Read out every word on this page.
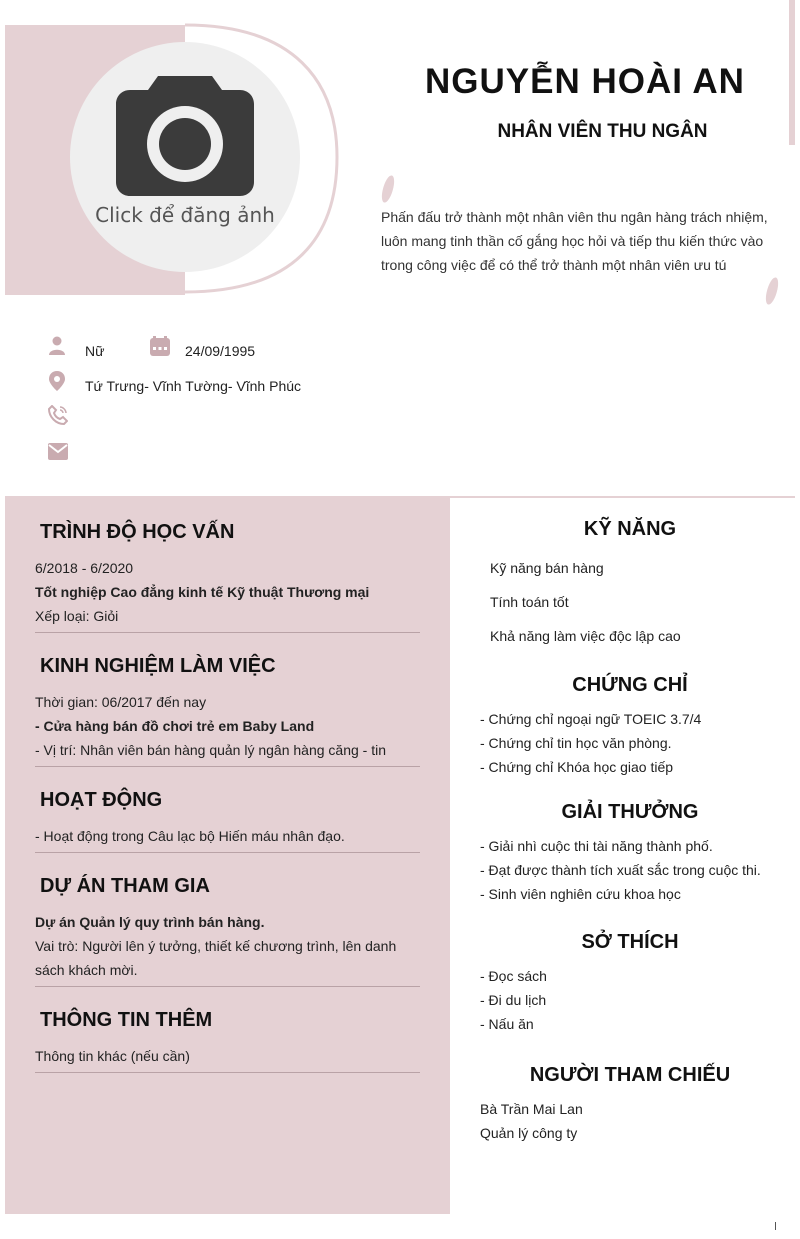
Click để đăng ảnh
NGUYỄN HOÀI AN
NHÂN VIÊN THU NGÂN
Phấn đấu trở thành một nhân viên thu ngân hàng trách nhiệm, luôn mang tinh thần cố gắng học hỏi và tiếp thu kiến thức vào trong công việc để có thể trở thành một nhân viên ưu tú
Nữ	24/09/1995
Tứ Trưng- Vĩnh Tường- Vĩnh Phúc
TRÌNH ĐỘ HỌC VẤN
6/2018 - 6/2020
Tốt nghiệp Cao đẳng kinh tế Kỹ thuật Thương mại
Xếp loại: Giỏi
KINH NGHIỆM LÀM VIỆC
Thời gian: 06/2017 đến nay
- Cửa hàng bán đồ chơi trẻ em Baby Land
- Vị trí: Nhân viên bán hàng quản lý ngân hàng căng - tin
HOẠT ĐỘNG
- Hoạt động trong Câu lạc bộ Hiến máu nhân đạo.
DỰ ÁN THAM GIA
Dự án Quản lý quy trình bán hàng.
Vai trò: Người lên ý tưởng, thiết kế chương trình, lên danh sách khách mời.
THÔNG TIN THÊM
Thông tin khác (nếu cần)
KỸ NĂNG
Kỹ năng bán hàng
Tính toán tốt
Khả năng làm việc độc lập cao
CHỨNG CHỈ
- Chứng chỉ ngoại ngữ TOEIC 3.7/4
- Chứng chỉ tin học văn phòng.
- Chứng chỉ Khóa học giao tiếp
GIẢI THƯỞNG
- Giải nhì cuộc thi tài năng thành phố.
- Đạt được thành tích xuất sắc trong cuộc thi.
- Sinh viên nghiên cứu khoa học
SỞ THÍCH
- Đọc sách
- Đi du lịch
- Nấu ăn
NGƯỜI THAM CHIẾU
Bà Trần Mai Lan
Quản lý công ty
